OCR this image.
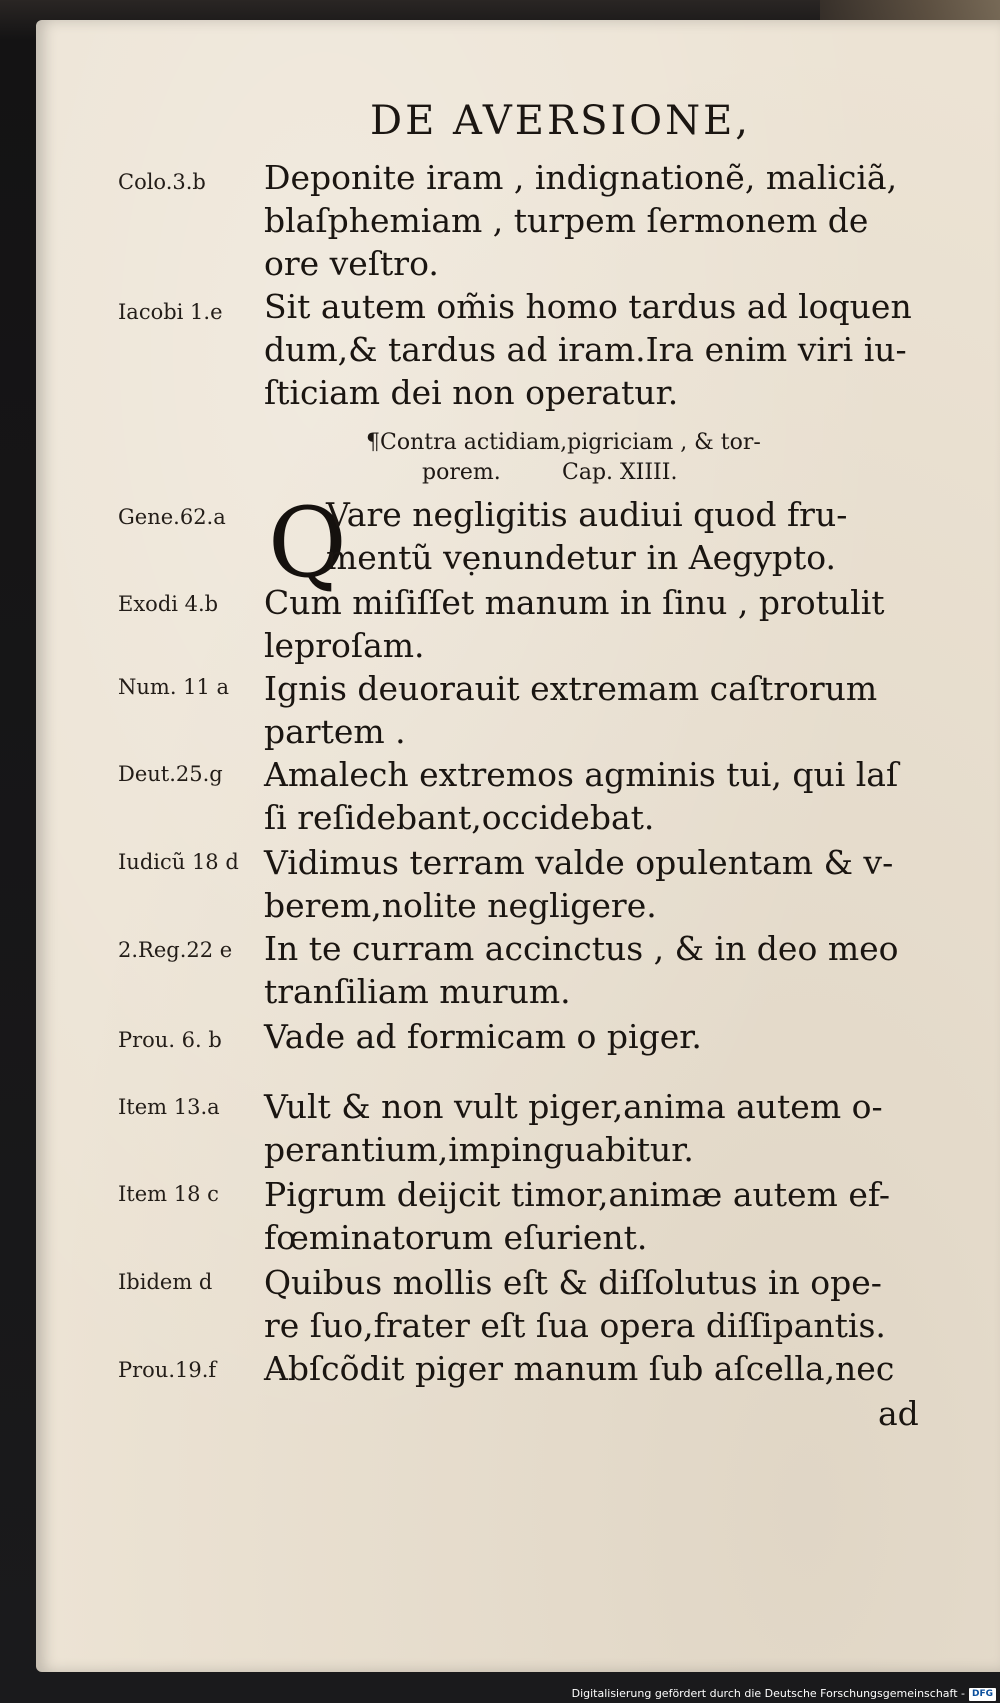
DE AVERSIONE,
Colo.3.b Deponite iram , indignationẽ, maliciã,
blaſphemiam , turpem ſermonem de
ore veſtro.
Iacobi 1.e Sit autem om̃is homo tardus ad loquen
dum,& tardus ad iram.Ira enim viri iu-
ſticiam dei non operatur.
¶Contra actidiam,pigriciam , & tor-
porem.	Cap. XIIII.
Q
Gene.62.a	Vare negligitis audiui quod fru-
mentũ vẹnundetur in Aegypto.
Exodi 4.b Cum miſiſſet manum in ſinu , protulit
leproſam.
Num. 11 a Ignis deuorauit extremam caſtrorum
partem .
Deut.25.g Amalech extremos agminis tui, qui laſ
ſi reſidebant,occidebat.
Iudicũ 18 d Vidimus terram valde opulentam & v-
berem,nolite negligere.
2.Reg.22 e In te curram accinctus , & in deo meo
tranſiliam murum.
Prou. 6. b Vade ad formicam o piger.
Item 13.a Vult & non vult piger,anima autem o-
perantium,impinguabitur.
Item 18 c Pigrum deijcit timor,animæ autem ef-
fœminatorum eſurient.
Ibidem d Quibus mollis eſt & diſſolutus in ope-
re ſuo,frater eſt ſua opera diſſipantis.
Prou.19.f Abſcõdit piger manum ſub aſcella,nec
ad
Digitalisierung gefördert durch die Deutsche Forschungsgemeinschaft - DFG
